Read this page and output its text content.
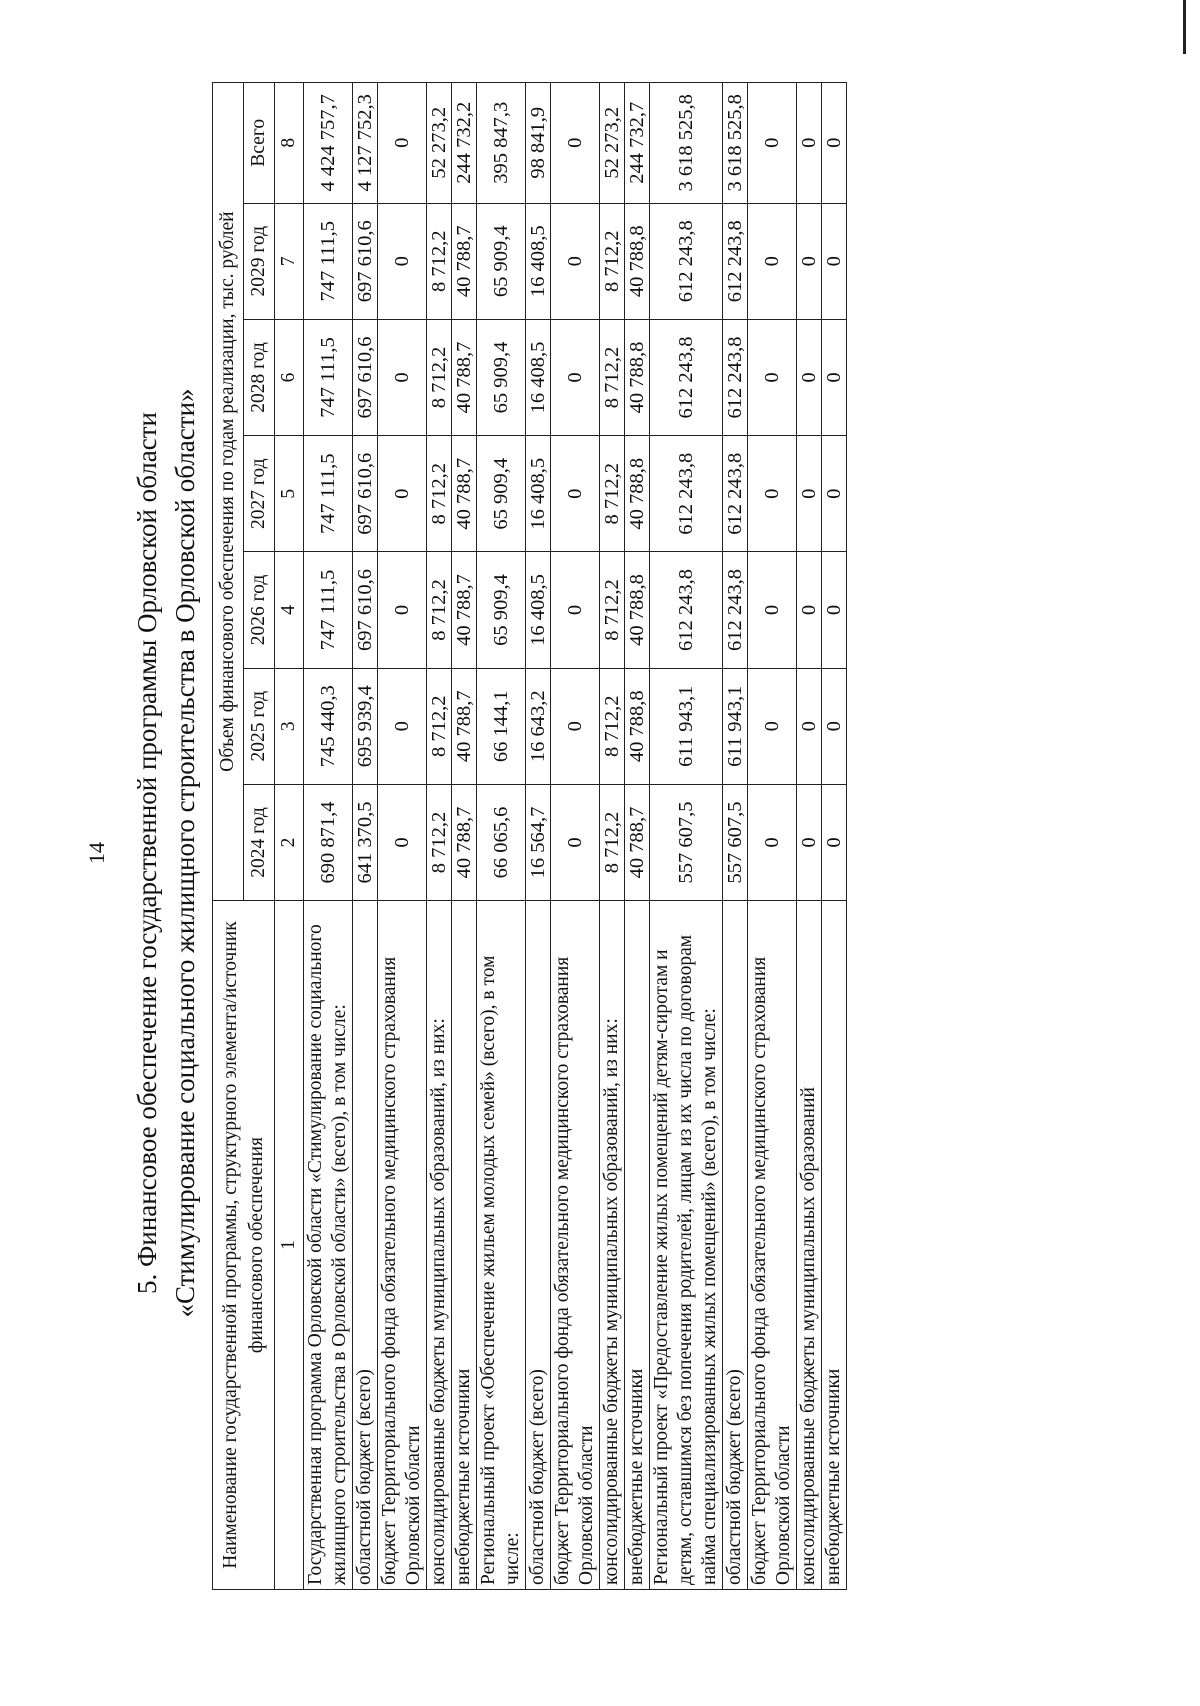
14 5. Финансовое обеспечение государственной программы Орловской области «Стимулирование социального жилищного строительства в Орловской области» Наименование государственной программы, структурного элемента/источник финансового обеспечения	Объем финансового обеспечения по годам реализации, тыс. рублей						
	2024 год	2025 год	2026 год	2027 год	2028 год	2029 год	Всего
1	2	3	4	5	6	7	8
Государственная программа Орловской области «Стимулирование социального жилищного строительства в Орловской области» (всего), в том числе:	690 871,4	745 440,3	747 111,5	747 111,5	747 111,5	747 111,5	4 424 757,7
областной бюджет (всего)	641 370,5	695 939,4	697 610,6	697 610,6	697 610,6	697 610,6	4 127 752,3
бюджет Территориального фонда обязательного медицинского страхования Орловской области	0	0	0	0	0	0	0
консолидированные бюджеты муниципальных образований, из них:	8 712,2	8 712,2	8 712,2	8 712,2	8 712,2	8 712,2	52 273,2
внебюджетные источники	40 788,7	40 788,7	40 788,7	40 788,7	40 788,7	40 788,7	244 732,2
Региональный проект «Обеспечение жильем молодых семей» (всего), в том числе:	66 065,6	66 144,1	65 909,4	65 909,4	65 909,4	65 909,4	395 847,3
областной бюджет (всего)	16 564,7	16 643,2	16 408,5	16 408,5	16 408,5	16 408,5	98 841,9
бюджет Территориального фонда обязательного медицинского страхования Орловской области	0	0	0	0	0	0	0
консолидированные бюджеты муниципальных образований, из них:	8 712,2	8 712,2	8 712,2	8 712,2	8 712,2	8 712,2	52 273,2
внебюджетные источники	40 788,7	40 788,8	40 788,8	40 788,8	40 788,8	40 788,8	244 732,7
Региональный проект «Предоставление жилых помещений детям-сиротам и детям, оставшимся без попечения родителей, лицам из их числа по договорам найма специализированных жилых помещений» (всего), в том числе:	557 607,5	611 943,1	612 243,8	612 243,8	612 243,8	612 243,8	3 618 525,8
областной бюджет (всего)	557 607,5	611 943,1	612 243,8	612 243,8	612 243,8	612 243,8	3 618 525,8
бюджет Территориального фонда обязательного медицинского страхования Орловской области	0	0	0	0	0	0	0
консолидированные бюджеты муниципальных образований	0	0	0	0	0	0	0
внебюджетные источники	0	0	0	0	0	0	0
